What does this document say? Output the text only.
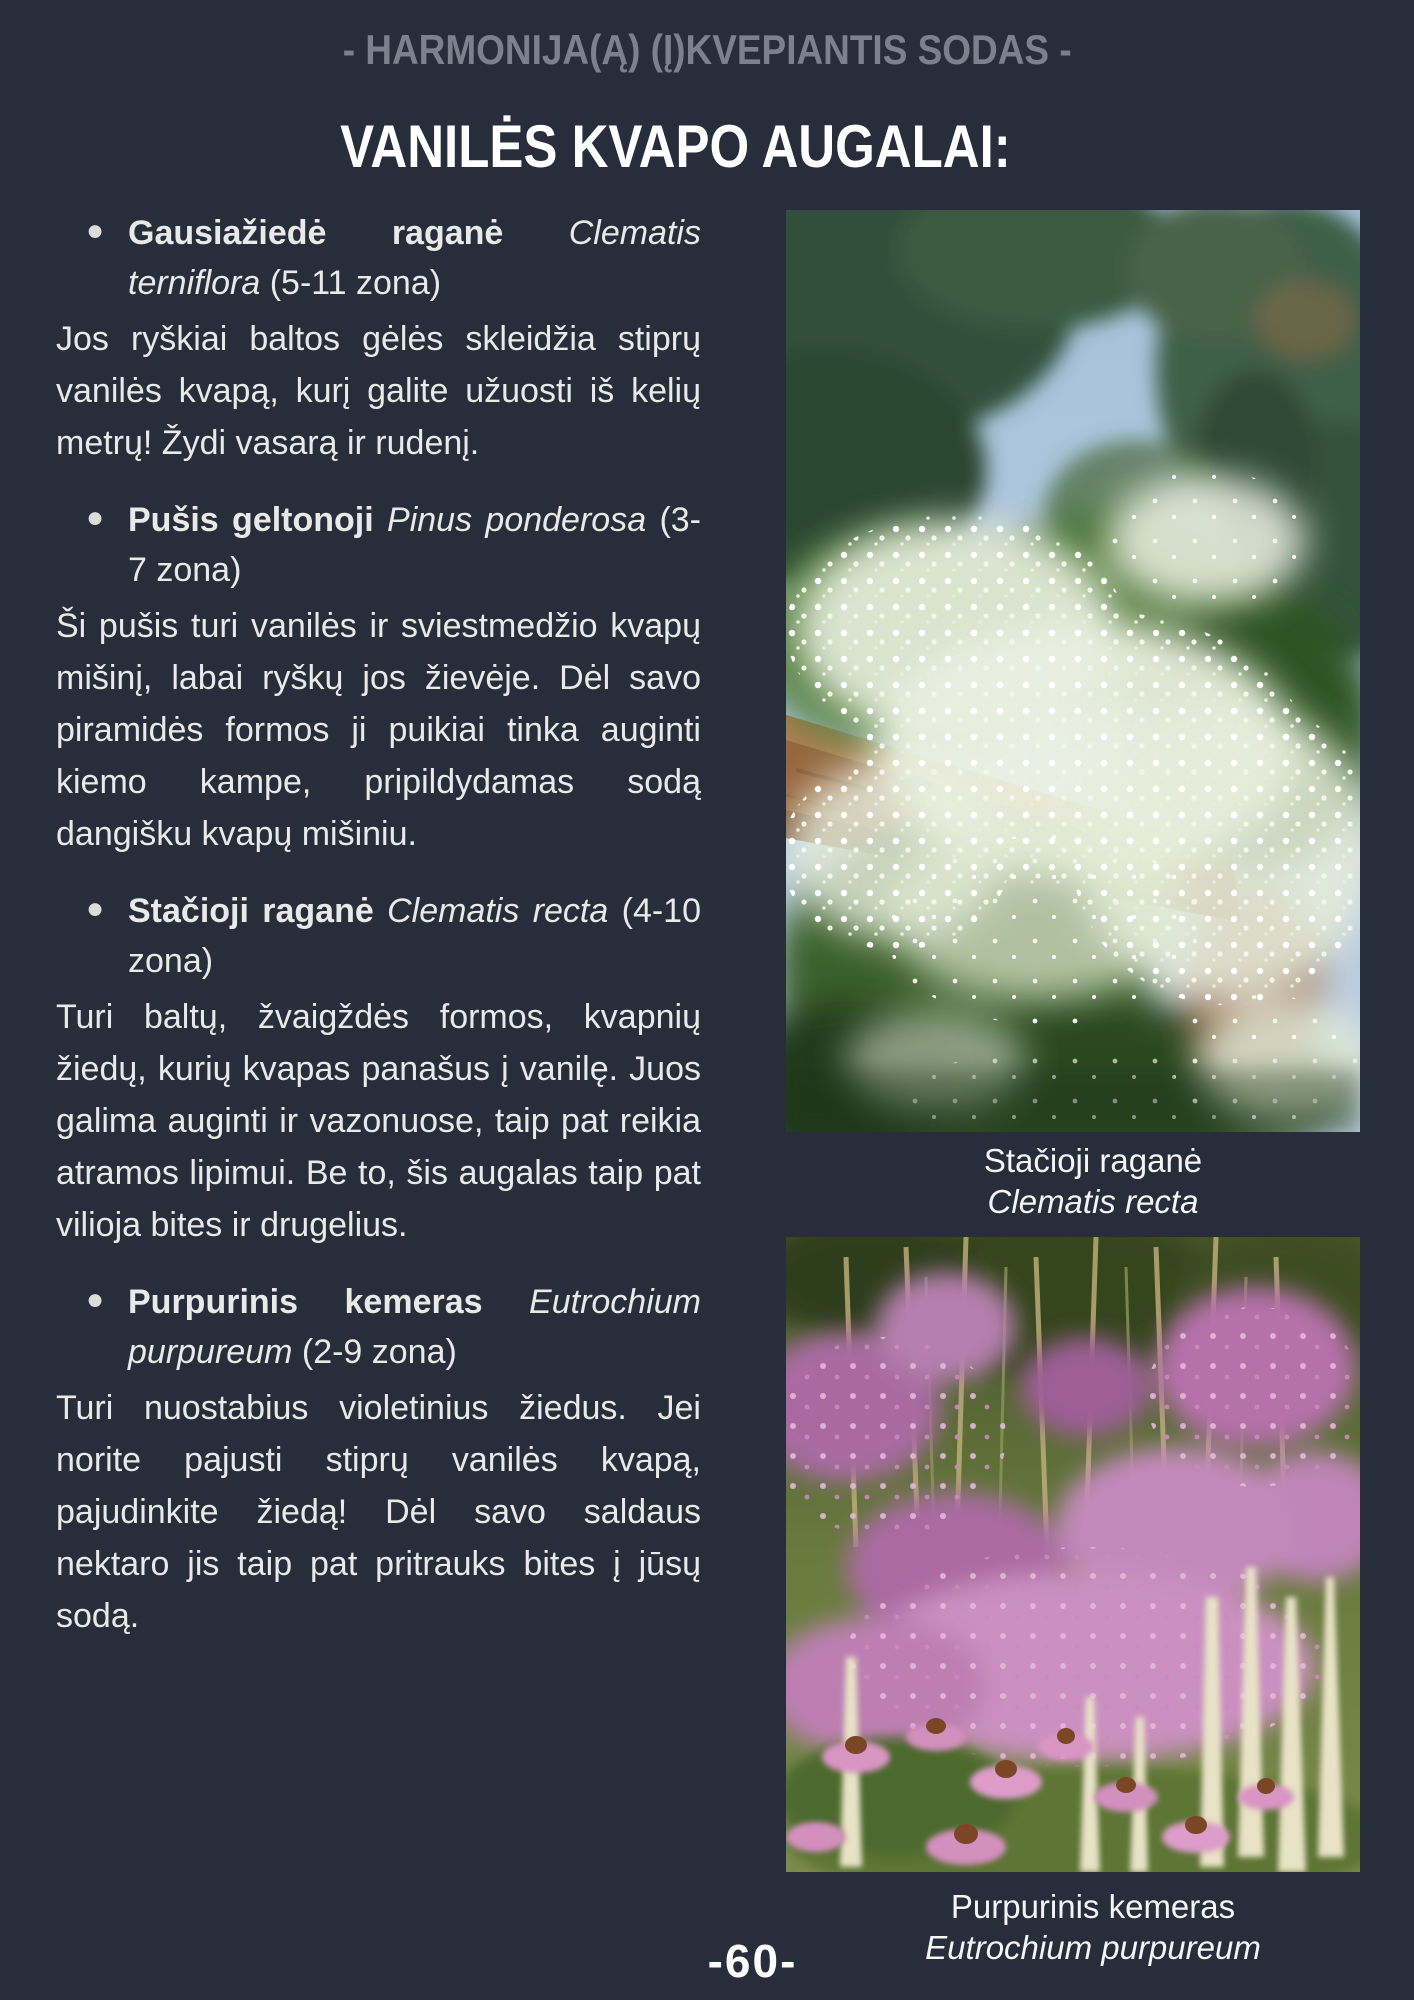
- HARMONIJA(Ą) (Į)KVEPIANTIS SODAS -
VANILĖS KVAPO AUGALAI:
● Gausiažiedė raganė Clematis terniflora (5-11 zona)

Jos ryškiai baltos gėlės skleidžia stiprų vanilės kvapą, kurį galite užuosti iš kelių metrų! Žydi vasarą ir rudenį.

● Pušis geltonoji Pinus ponderosa (3-7 zona)

Ši pušis turi vanilės ir sviestmedžio kvapų mišinį, labai ryškų jos žievėje. Dėl savo piramidės formos ji puikiai tinka auginti kiemo kampe, pripildydamas sodą dangišku kvapų mišiniu.

● Stačioji raganė Clematis recta (4-10 zona)

Turi baltų, žvaigždės formos, kvapnių žiedų, kurių kvapas panašus į vanilę. Juos galima auginti ir vazonuose, taip pat reikia atramos lipimui. Be to, šis augalas taip pat vilioja bites ir drugelius.

● Purpurinis kemeras Eutrochium purpureum (2-9 zona)

Turi nuostabius violetinius žiedus. Jei norite pajusti stiprų vanilės kvapą, pajudinkite žiedą! Dėl savo saldaus nektaro jis taip pat pritrauks bites į jūsų sodą.

Stačioji raganė
Clematis recta
Purpurinis kemeras
Eutrochium purpureum
-60-
